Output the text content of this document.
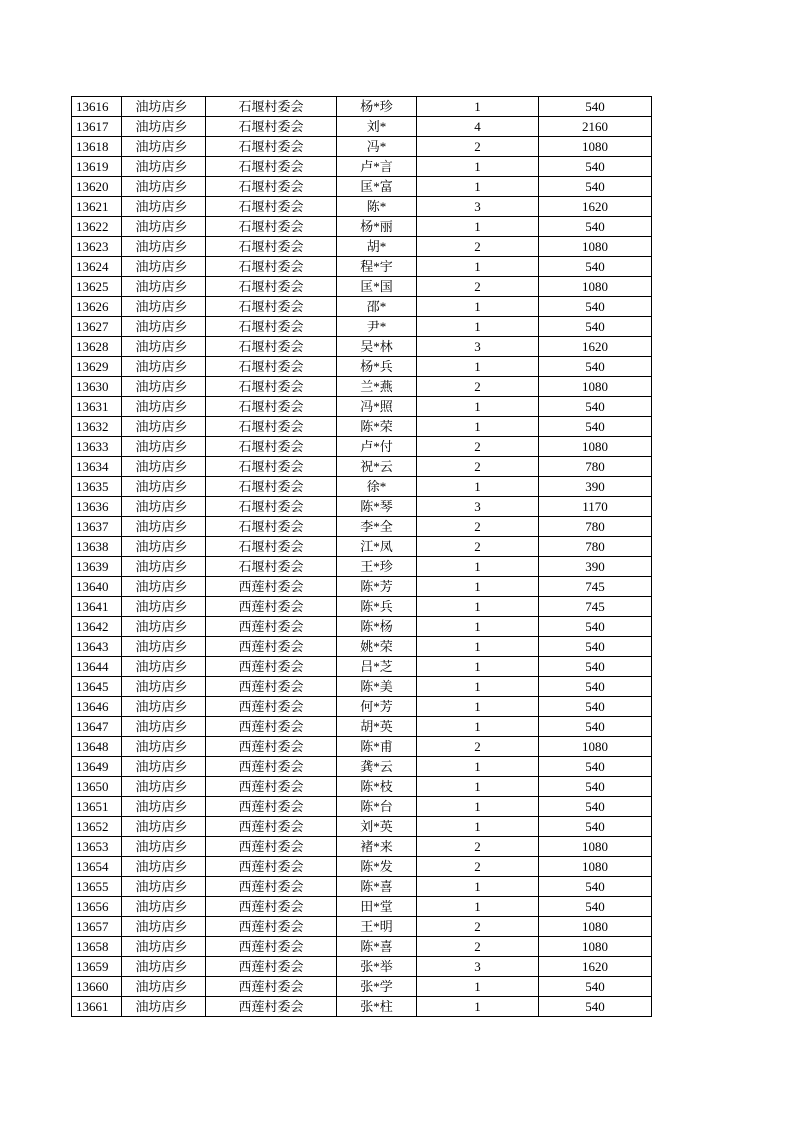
13616	油坊店乡	石堰村委会	杨*珍	1	540
13617	油坊店乡	石堰村委会	刘*	4	2160
13618	油坊店乡	石堰村委会	冯*	2	1080
13619	油坊店乡	石堰村委会	卢*言	1	540
13620	油坊店乡	石堰村委会	匡*富	1	540
13621	油坊店乡	石堰村委会	陈*	3	1620
13622	油坊店乡	石堰村委会	杨*丽	1	540
13623	油坊店乡	石堰村委会	胡*	2	1080
13624	油坊店乡	石堰村委会	程*宇	1	540
13625	油坊店乡	石堰村委会	匡*国	2	1080
13626	油坊店乡	石堰村委会	邵*	1	540
13627	油坊店乡	石堰村委会	尹*	1	540
13628	油坊店乡	石堰村委会	吴*林	3	1620
13629	油坊店乡	石堰村委会	杨*兵	1	540
13630	油坊店乡	石堰村委会	兰*燕	2	1080
13631	油坊店乡	石堰村委会	冯*照	1	540
13632	油坊店乡	石堰村委会	陈*荣	1	540
13633	油坊店乡	石堰村委会	卢*付	2	1080
13634	油坊店乡	石堰村委会	祝*云	2	780
13635	油坊店乡	石堰村委会	徐*	1	390
13636	油坊店乡	石堰村委会	陈*琴	3	1170
13637	油坊店乡	石堰村委会	李*全	2	780
13638	油坊店乡	石堰村委会	江*凤	2	780
13639	油坊店乡	石堰村委会	王*珍	1	390
13640	油坊店乡	西莲村委会	陈*芳	1	745
13641	油坊店乡	西莲村委会	陈*兵	1	745
13642	油坊店乡	西莲村委会	陈*杨	1	540
13643	油坊店乡	西莲村委会	姚*荣	1	540
13644	油坊店乡	西莲村委会	吕*芝	1	540
13645	油坊店乡	西莲村委会	陈*美	1	540
13646	油坊店乡	西莲村委会	何*芳	1	540
13647	油坊店乡	西莲村委会	胡*英	1	540
13648	油坊店乡	西莲村委会	陈*甫	2	1080
13649	油坊店乡	西莲村委会	龚*云	1	540
13650	油坊店乡	西莲村委会	陈*枝	1	540
13651	油坊店乡	西莲村委会	陈*台	1	540
13652	油坊店乡	西莲村委会	刘*英	1	540
13653	油坊店乡	西莲村委会	褚*来	2	1080
13654	油坊店乡	西莲村委会	陈*发	2	1080
13655	油坊店乡	西莲村委会	陈*喜	1	540
13656	油坊店乡	西莲村委会	田*堂	1	540
13657	油坊店乡	西莲村委会	王*明	2	1080
13658	油坊店乡	西莲村委会	陈*喜	2	1080
13659	油坊店乡	西莲村委会	张*举	3	1620
13660	油坊店乡	西莲村委会	张*学	1	540
13661	油坊店乡	西莲村委会	张*柱	1	540
